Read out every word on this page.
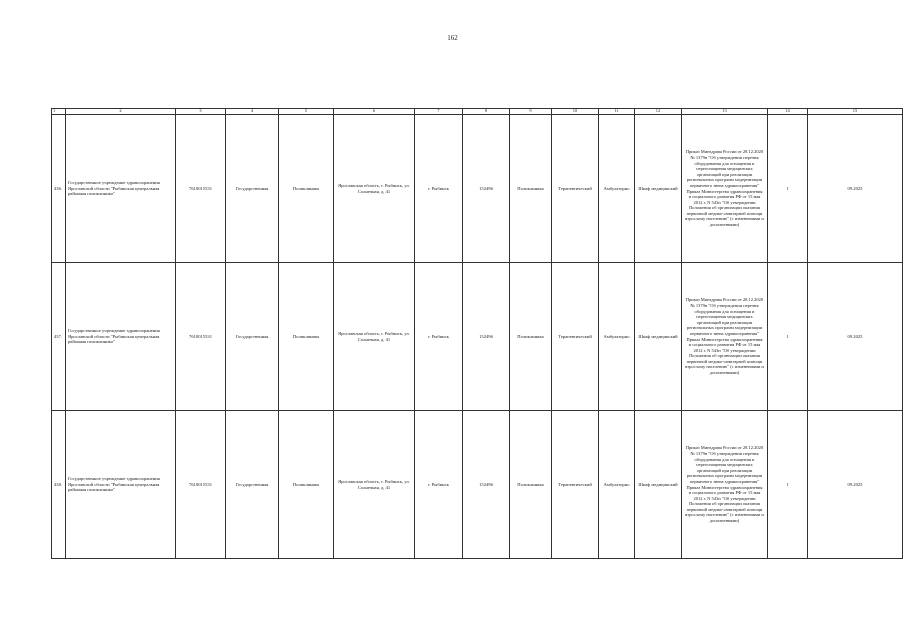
162
1	2	3	4	5	6	7	8	9	10	11	12	13	14	15
436.	Государственное учреждение здравоохранения Ярославской области "Рыбинская центральная районная поликлиника"	7610015531	Государственная	Поликлиника	Ярославская область, г. Рыбинск, ул. Солнечная, д. 41	г. Рыбинск	152496	Поликлиника	Терапевтический	Амбулаторно	Шкаф медицинский	Приказ Минздрава России от 28.12.2020 № 1379н "Об утверждении перечня оборудования для оснащения и переоснащения медицинских организаций при реализации региональных программ модернизации первичного звена здравоохранения" Приказ Министерства здравоохранения и социального развития РФ от 15 мая 2012 г. N 543н "Об утверждении Положения об организации оказания первичной медико-санитарной помощи взрослому населению" (с изменениями и дополнениями)	1	09.2025
437.	Государственное учреждение здравоохранения Ярославской области "Рыбинская центральная районная поликлиника"	7610015531	Государственная	Поликлиника	Ярославская область, г. Рыбинск, ул. Солнечная, д. 41	г. Рыбинск	152496	Поликлиника	Терапевтический	Амбулаторно	Шкаф медицинский	Приказ Минздрава России от 28.12.2020 № 1379н "Об утверждении перечня оборудования для оснащения и переоснащения медицинских организаций при реализации региональных программ модернизации первичного звена здравоохранения" Приказ Министерства здравоохранения и социального развития РФ от 15 мая 2012 г. N 543н "Об утверждении Положения об организации оказания первичной медико-санитарной помощи взрослому населению" (с изменениями и дополнениями)	1	09.2025
438.	Государственное учреждение здравоохранения Ярославской области "Рыбинская центральная районная поликлиника"	7610015531	Государственная	Поликлиника	Ярославская область, г. Рыбинск, ул. Солнечная, д. 41	г. Рыбинск	152496	Поликлиника	Терапевтический	Амбулаторно	Шкаф медицинский	Приказ Минздрава России от 28.12.2020 № 1379н "Об утверждении перечня оборудования для оснащения и переоснащения медицинских организаций при реализации региональных программ модернизации первичного звена здравоохранения" Приказ Министерства здравоохранения и социального развития РФ от 15 мая 2012 г. N 543н "Об утверждении Положения об организации оказания первичной медико-санитарной помощи взрослому населению" (с изменениями и дополнениями)	1	09.2025
